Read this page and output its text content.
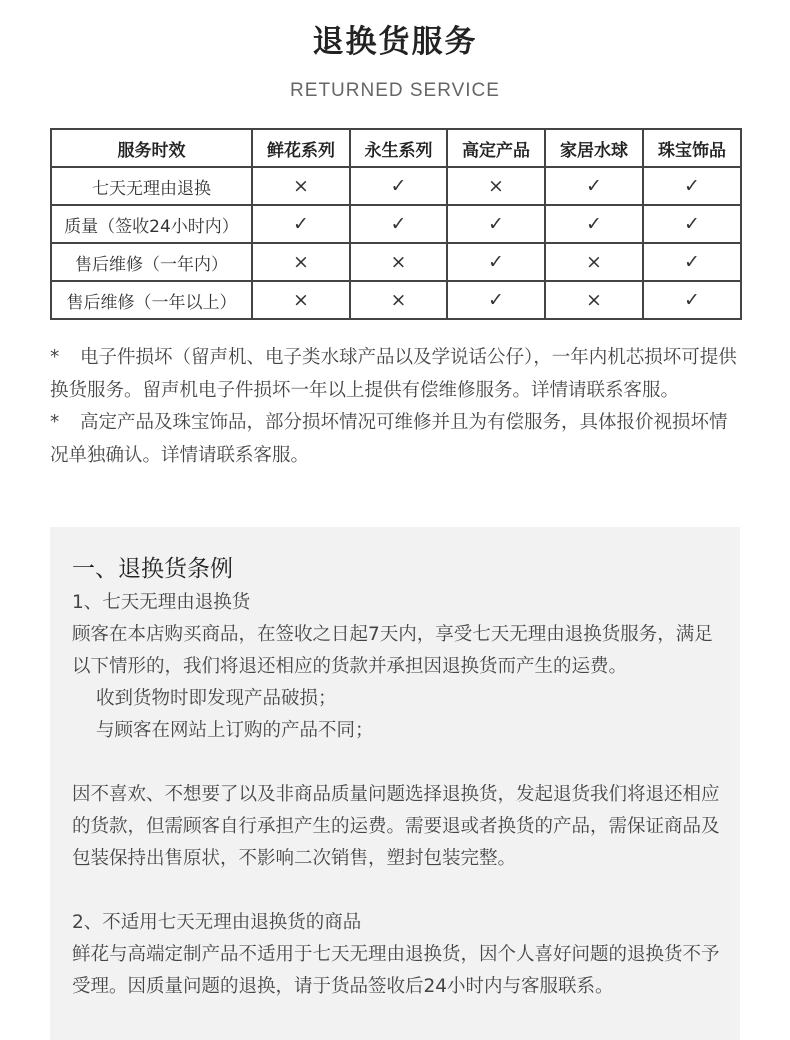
退换货服务
RETURNED SERVICE
服务时效	鲜花系列	永生系列	高定产品	家居水球	珠宝饰品
七天无理由退换	×	✓	×	✓	✓
质量（签收24小时内）	✓	✓	✓	✓	✓
售后维修（一年内）	×	×	✓	×	✓
售后维修（一年以上）	×	×	✓	×	✓

* 电子件损坏（留声机、电子类水球产品以及学说话公仔），一年内机芯损坏可提供换货服务。留声机电子件损坏一年以上提供有偿维修服务。详情请联系客服。

* 高定产品及珠宝饰品，部分损坏情况可维修并且为有偿服务，具体报价视损坏情况单独确认。详情请联系客服。

一、退换货条例

1、七天无理由退换货

顾客在本店购买商品，在签收之日起7天内，享受七天无理由退换货服务，满足以下情形的，我们将退还相应的货款并承担因退换货而产生的运费。

收到货物时即发现产品破损；

与顾客在网站上订购的产品不同；

因不喜欢、不想要了以及非商品质量问题选择退换货，发起退货我们将退还相应的货款，但需顾客自行承担产生的运费。需要退或者换货的产品，需保证商品及包装保持出售原状，不影响二次销售，塑封包装完整。

2、不适用七天无理由退换货的商品

鲜花与高端定制产品不适用于七天无理由退换货，因个人喜好问题的退换货不予受理。因质量问题的退换，请于货品签收后24小时内与客服联系。
